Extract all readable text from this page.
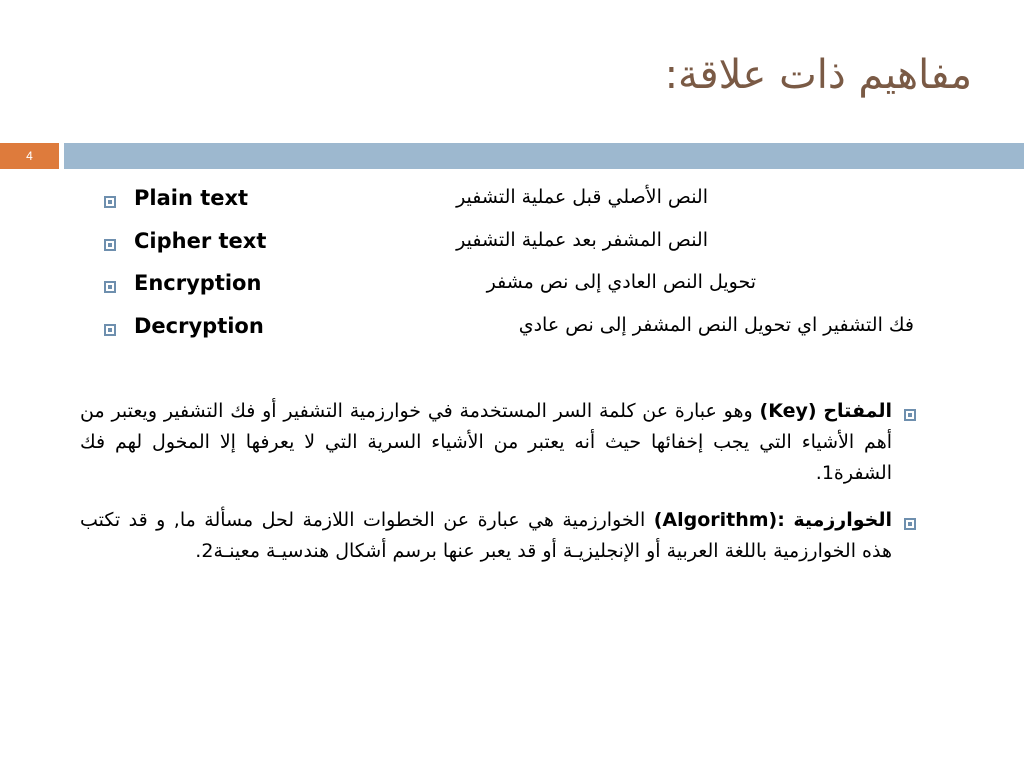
مفاهيم ذات علاقة:
4
Plain text	النص الأصلي قبل عملية التشفير
Cipher text	النص المشفر بعد عملية التشفير
Encryption	تحويل النص العادي إلى نص مشفر
Decryption	فك التشفير اي تحويل النص المشفر إلى نص عادي
المفتاح (Key) وهو عبارة عن كلمة السر المستخدمة في خوارزمية التشفير أو فك التشفير ويعتبر من أهم الأشياء التي يجب إخفائها حيث أنه يعتبر من الأشياء السرية التي لا يعرفها إلا المخول لهم فك الشفرة1.
الخوارزمية (Algorithm): الخوارزمية هي عبارة عن الخطوات اللازمة لحل مسألة ما, و قد تكتب هذه الخوارزمية باللغة العربية أو الإنجليزيـة أو قد يعبر عنها برسم أشكال هندسيـة معينـة2.
